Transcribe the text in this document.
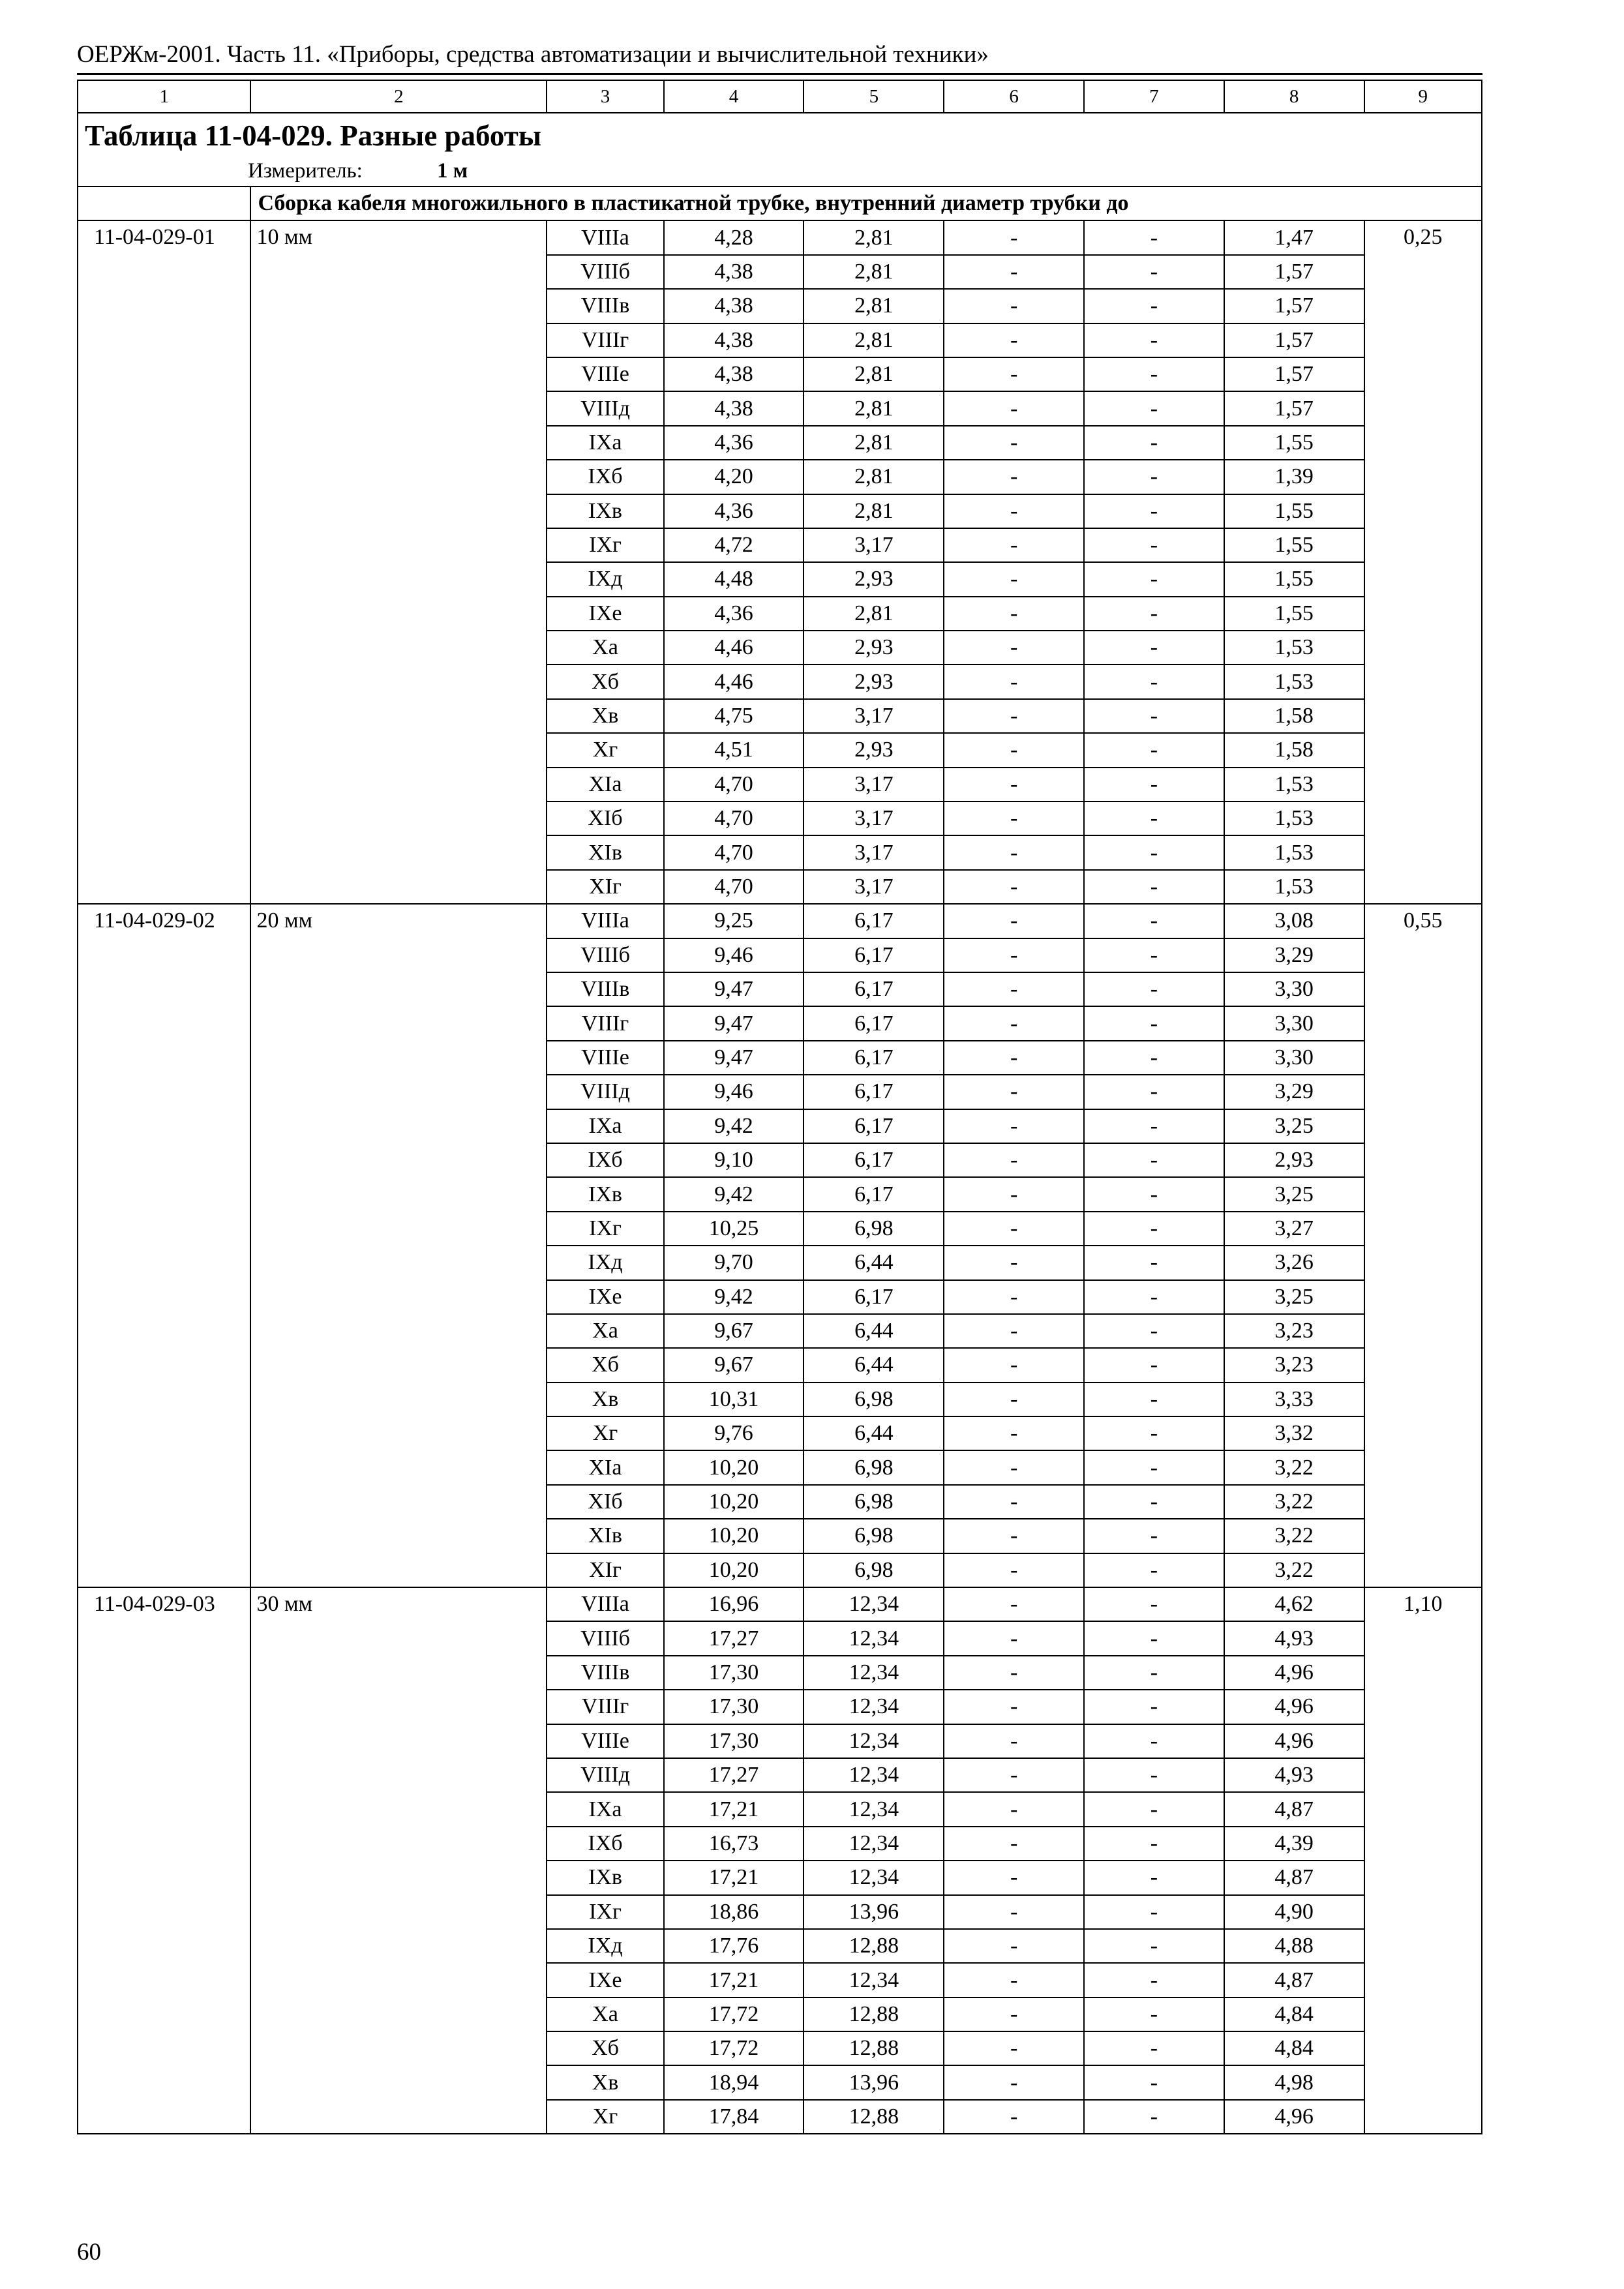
ОЕРЖм-2001. Часть 11. «Приборы, средства автоматизации и вычислительной техники»
1	2	3	4	5	6	7	8	9

Таблица 11-04-029. Разные работы
Измеритель: 1 м								

	Сборка кабеля многожильного в пластикатной трубке, внутренний диаметр трубки до							
11-04-029-01	10 мм	VIIIа	4,28	2,81	-	-	1,47	0,25
		VIIIб	4,38	2,81	-	-	1,57	
		VIIIв	4,38	2,81	-	-	1,57	
		VIIIг	4,38	2,81	-	-	1,57	
		VIIIе	4,38	2,81	-	-	1,57	
		VIIIд	4,38	2,81	-	-	1,57	
		IXа	4,36	2,81	-	-	1,55	
		IXб	4,20	2,81	-	-	1,39	
		IXв	4,36	2,81	-	-	1,55	
		IXг	4,72	3,17	-	-	1,55	
		IXд	4,48	2,93	-	-	1,55	
		IXе	4,36	2,81	-	-	1,55	
		Xа	4,46	2,93	-	-	1,53	
		Xб	4,46	2,93	-	-	1,53	
		Xв	4,75	3,17	-	-	1,58	
		Xг	4,51	2,93	-	-	1,58	
		XIа	4,70	3,17	-	-	1,53	
		XIб	4,70	3,17	-	-	1,53	
		XIв	4,70	3,17	-	-	1,53	
		XIг	4,70	3,17	-	-	1,53	
11-04-029-02	20 мм	VIIIа	9,25	6,17	-	-	3,08	0,55
		VIIIб	9,46	6,17	-	-	3,29	
		VIIIв	9,47	6,17	-	-	3,30	
		VIIIг	9,47	6,17	-	-	3,30	
		VIIIе	9,47	6,17	-	-	3,30	
		VIIIд	9,46	6,17	-	-	3,29	
		IXа	9,42	6,17	-	-	3,25	
		IXб	9,10	6,17	-	-	2,93	
		IXв	9,42	6,17	-	-	3,25	
		IXг	10,25	6,98	-	-	3,27	
		IXд	9,70	6,44	-	-	3,26	
		IXе	9,42	6,17	-	-	3,25	
		Xа	9,67	6,44	-	-	3,23	
		Xб	9,67	6,44	-	-	3,23	
		Xв	10,31	6,98	-	-	3,33	
		Xг	9,76	6,44	-	-	3,32	
		XIа	10,20	6,98	-	-	3,22	
		XIб	10,20	6,98	-	-	3,22	
		XIв	10,20	6,98	-	-	3,22	
		XIг	10,20	6,98	-	-	3,22	
11-04-029-03	30 мм	VIIIа	16,96	12,34	-	-	4,62	1,10
		VIIIб	17,27	12,34	-	-	4,93	
		VIIIв	17,30	12,34	-	-	4,96	
		VIIIг	17,30	12,34	-	-	4,96	
		VIIIе	17,30	12,34	-	-	4,96	
		VIIIд	17,27	12,34	-	-	4,93	
		IXа	17,21	12,34	-	-	4,87	
		IXб	16,73	12,34	-	-	4,39	
		IXв	17,21	12,34	-	-	4,87	
		IXг	18,86	13,96	-	-	4,90	
		IXд	17,76	12,88	-	-	4,88	
		IXе	17,21	12,34	-	-	4,87	
		Xа	17,72	12,88	-	-	4,84	
		Xб	17,72	12,88	-	-	4,84	
		Xв	18,94	13,96	-	-	4,98	
		Xг	17,84	12,88	-	-	4,96	
60
